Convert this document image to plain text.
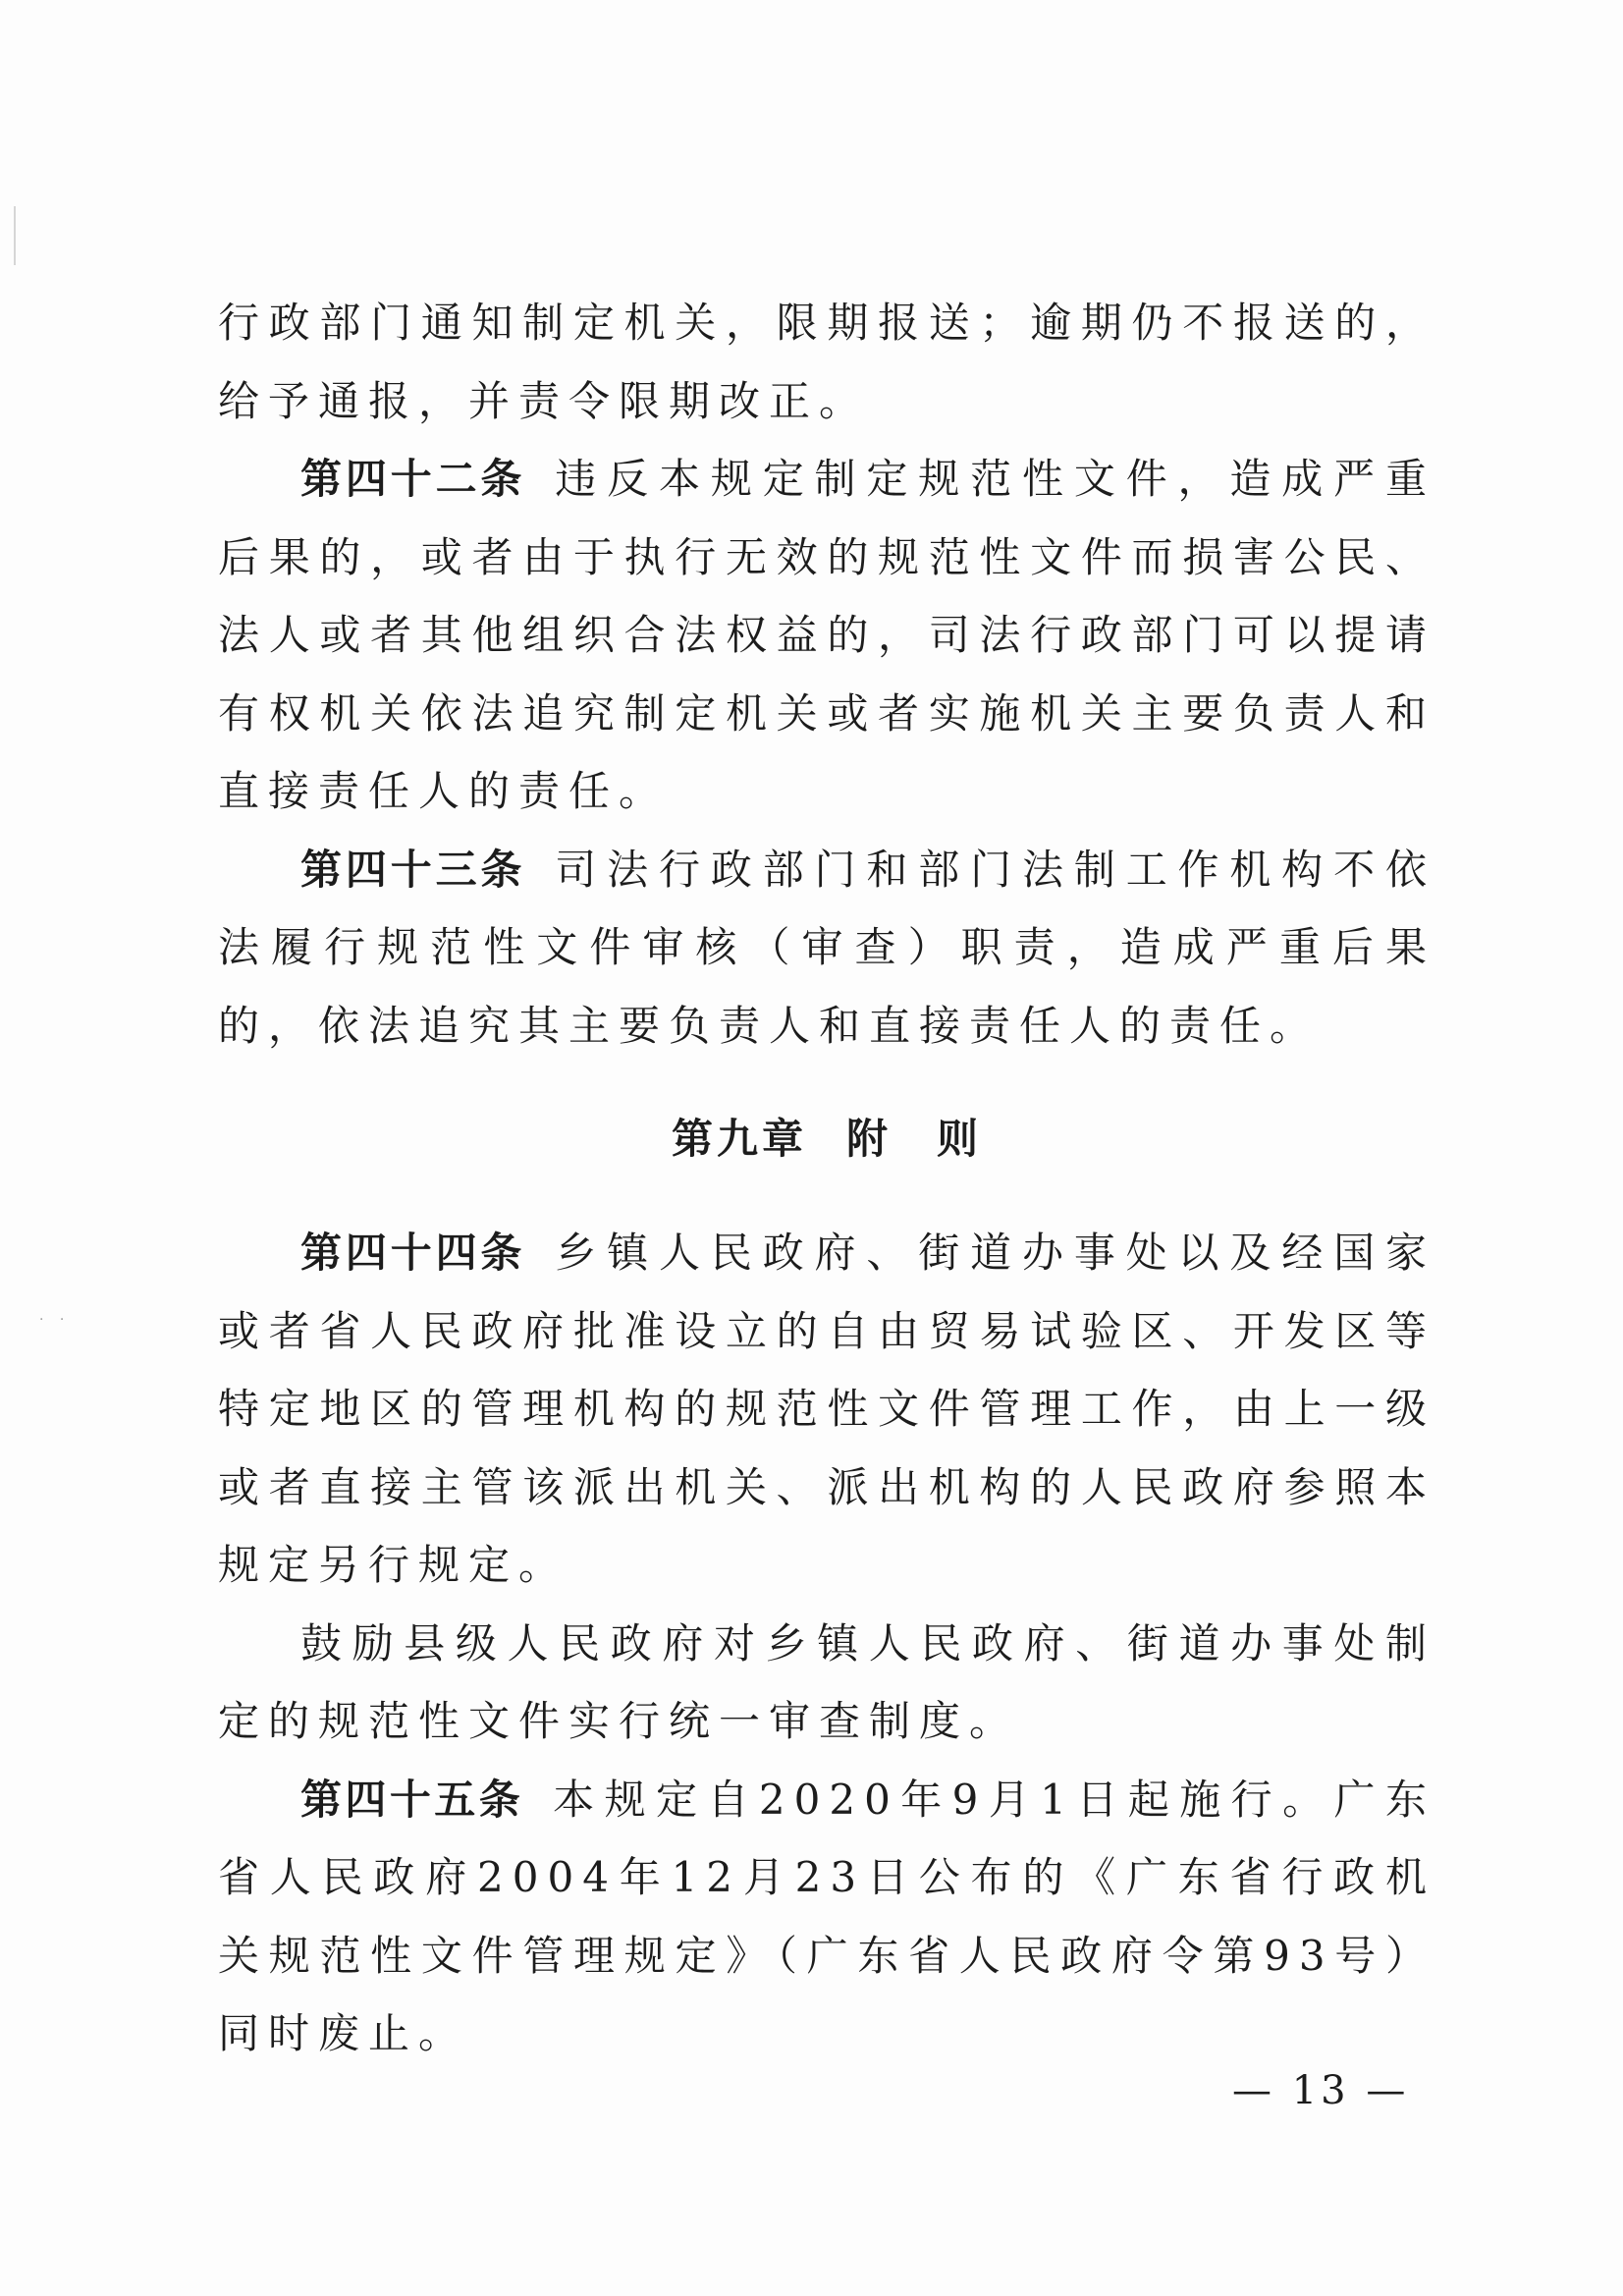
· ·

行政部门通知制定机关，限期报送；逾期仍不报送的，给予通报，并责令限期改正。

第四十二条 违反本规定制定规范性文件，造成严重后果的，或者由于执行无效的规范性文件而损害公民、法人或者其他组织合法权益的，司法行政部门可以提请有权机关依法追究制定机关或者实施机关主要负责人和直接责任人的责任。

第四十三条 司法行政部门和部门法制工作机构不依法履行规范性文件审核（审查）职责，造成严重后果的，依法追究其主要负责人和直接责任人的责任。

第九章 附　则

第四十四条 乡镇人民政府、街道办事处以及经国家或者省人民政府批准设立的自由贸易试验区、开发区等特定地区的管理机构的规范性文件管理工作，由上一级或者直接主管该派出机关、派出机构的人民政府参照本规定另行规定。

鼓励县级人民政府对乡镇人民政府、街道办事处制定的规范性文件实行统一审查制度。

第四十五条 本规定自2020年9月1日起施行。广东省人民政府2004年12月23日公布的《广东省行政机关规范性文件管理规定》（广东省人民政府令第93号）同时废止。

— 13 —
